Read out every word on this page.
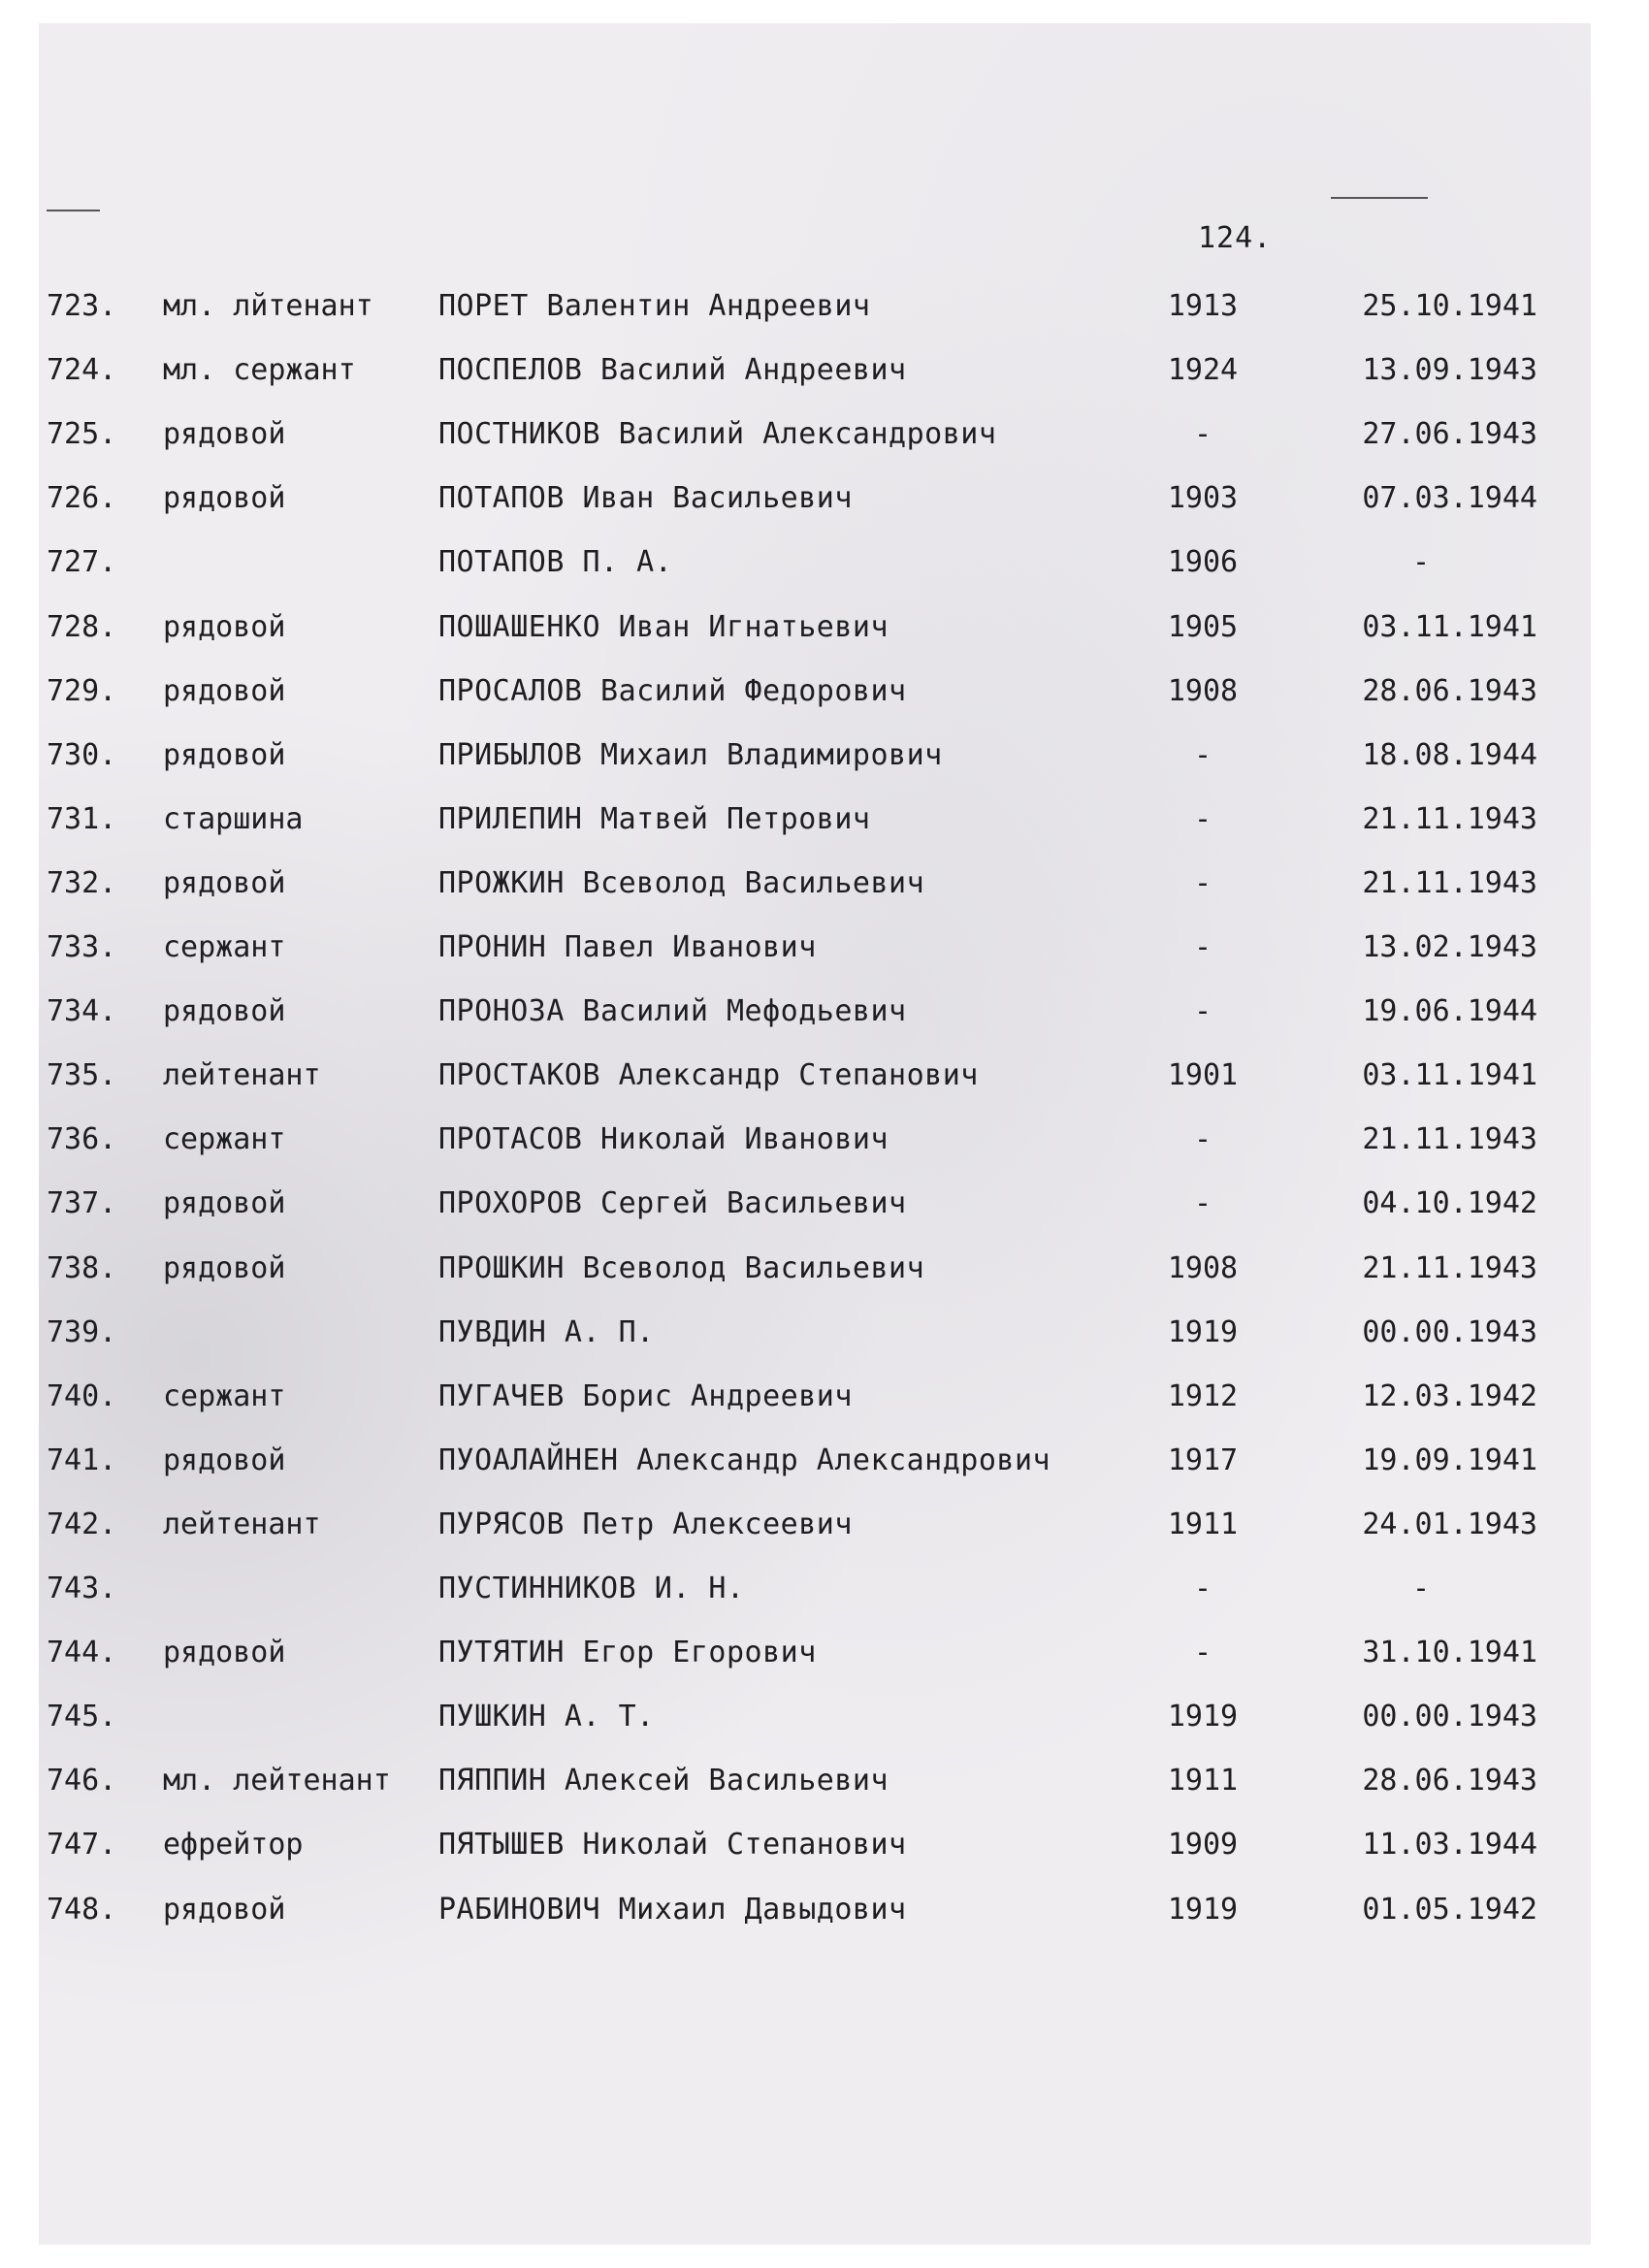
124.
723. мл. лйтенант ПОРЕТ Валентин Андреевич	1913	25.10.1941
724. мл. сержант	ПОСПЕЛОВ Василий Андреевич	1924	13.09.1943
725. рядовой	ПОСТНИКОВ Василий Александрович	-	27.06.1943
726. рядовой	ПОТАПОВ Иван Васильевич	1903	07.03.1944
727.	ПОТАПОВ П. А.	1906	-
728. рядовой	ПОШАШЕНКО Иван Игнатьевич	1905	03.11.1941
729. рядовой	ПРОСАЛОВ Василий Федорович	1908	28.06.1943
730. рядовой	ПРИБЫЛОВ Михаил Владимирович	-	18.08.1944
731. старшина	ПРИЛЕПИН Матвей Петрович	-	21.11.1943
732. рядовой	ПРОЖКИН Всеволод Васильевич	-	21.11.1943
733. сержант	ПРОНИН Павел Иванович	-	13.02.1943
734. рядовой	ПРОНОЗА Василий Мефодьевич	-	19.06.1944
735. лейтенант	ПРОСТАКОВ Александр Степанович	1901	03.11.1941
736. сержант	ПРОТАСОВ Николай Иванович	-	21.11.1943
737. рядовой	ПРОХОРОВ Сергей Васильевич	-	04.10.1942
738. рядовой	ПРОШКИН Всеволод Васильевич	1908	21.11.1943
739.	ПУВДИН А. П.	1919	00.00.1943
740. сержант	ПУГАЧЕВ Борис Андреевич	1912	12.03.1942
741. рядовой	ПУОАЛАЙНЕН Александр Александрович	1917	19.09.1941
742. лейтенант	ПУРЯСОВ Петр Алексеевич	1911	24.01.1943
743.	ПУСТИННИКОВ И. Н.	-	-
744. рядовой	ПУТЯТИН Егор Егорович	-	31.10.1941
745.	ПУШКИН А. Т.	1919	00.00.1943
746. мл. лейтенант ПЯППИН Алексей Васильевич	1911	28.06.1943
747. ефрейтор	ПЯТЫШЕВ Николай Степанович	1909	11.03.1944
748. рядовой	РАБИНОВИЧ Михаил Давыдович	1919	01.05.1942
